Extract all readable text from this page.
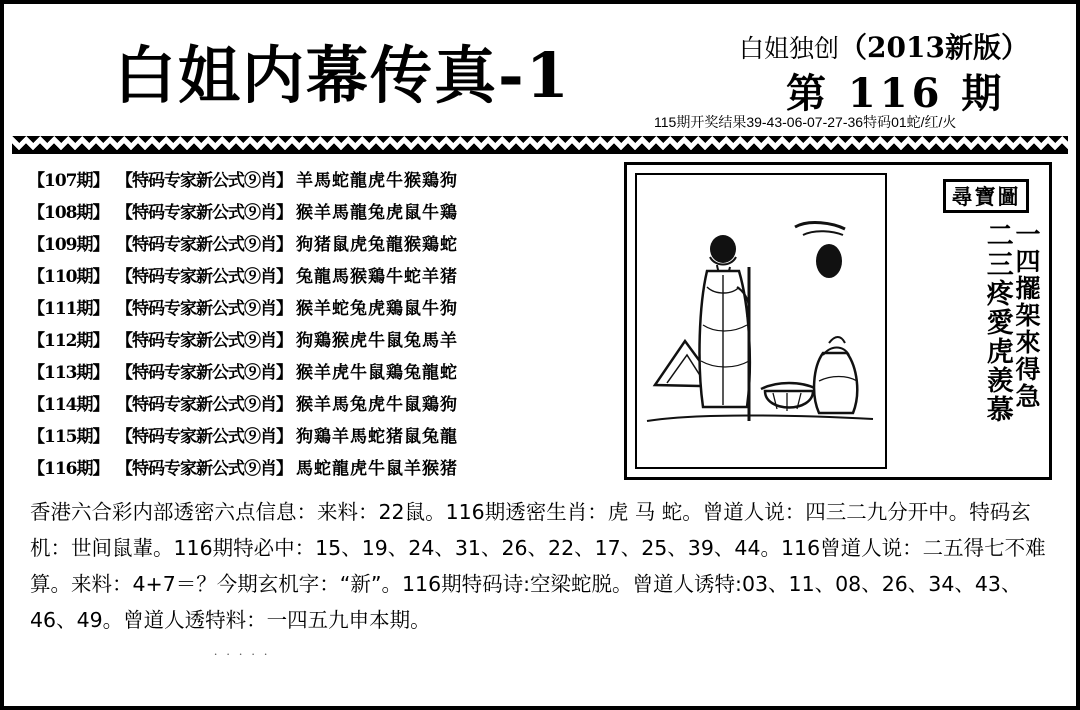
白姐内幕传真-1	白姐独创（2013新版）
第 116 期
115期开奖结果39-43-06-07-27-36特码01蛇/红/火
【107期】 【特码专家新公式⑨肖】 羊馬蛇龍虎牛猴鶏狗
【108期】 【特码专家新公式⑨肖】 猴羊馬龍兔虎鼠牛鶏
【109期】 【特码专家新公式⑨肖】 狗猪鼠虎兔龍猴鶏蛇
【110期】 【特码专家新公式⑨肖】 兔龍馬猴鶏牛蛇羊猪
【111期】 【特码专家新公式⑨肖】 猴羊蛇兔虎鶏鼠牛狗
【112期】 【特码专家新公式⑨肖】 狗鶏猴虎牛鼠兔馬羊
【113期】 【特码专家新公式⑨肖】 猴羊虎牛鼠鶏兔龍蛇
【114期】 【特码专家新公式⑨肖】 猴羊馬兔虎牛鼠鶏狗
【115期】 【特码专家新公式⑨肖】 狗鶏羊馬蛇猪鼠兔龍
【116期】 【特码专家新公式⑨肖】 馬蛇龍虎牛鼠羊猴猪
尋寶圖
二三疼愛虎羨慕 一四擺架來得急
香港六合彩内部透密六点信息：来料：22鼠。116期透密生肖：虎 马 蛇。曾道人说：四三二九分开中。特码玄机：世间鼠輩。116期特必中：15、19、24、31、26、22、17、25、39、44。116曾道人说：二五得七不难算。来料：4+7＝？今期玄机字：“新”。116期特码诗:空梁蛇脱。曾道人诱特:03、11、08、26、34、43、46、49。曾道人透特料：一四五九申本期。
. . . . .
